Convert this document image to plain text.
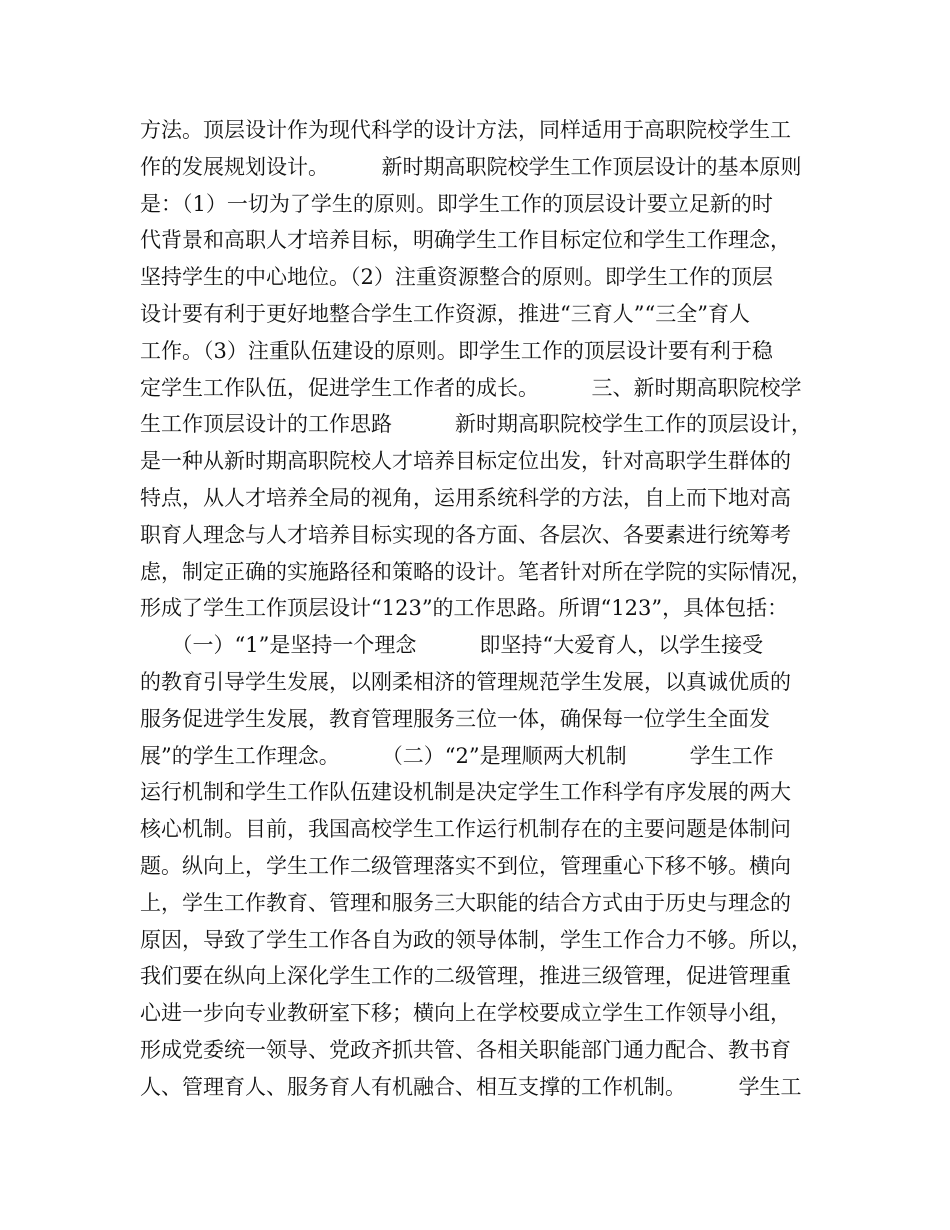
方法。顶层设计作为现代科学的设计方法，同样适用于高职院校学生工
作的发展规划设计。　　　新时期高职院校学生工作顶层设计的基本原则
是：（1）一切为了学生的原则。即学生工作的顶层设计要立足新的时
代背景和高职人才培养目标，明确学生工作目标定位和学生工作理念，
坚持学生的中心地位。（2）注重资源整合的原则。即学生工作的顶层
设计要有利于更好地整合学生工作资源，推进“三育人”“三全”育人
工作。（3）注重队伍建设的原则。即学生工作的顶层设计要有利于稳
定学生工作队伍，促进学生工作者的成长。　　　三、新时期高职院校学
生工作顶层设计的工作思路　　　新时期高职院校学生工作的顶层设计，
是一种从新时期高职院校人才培养目标定位出发，针对高职学生群体的
特点，从人才培养全局的视角，运用系统科学的方法，自上而下地对高
职育人理念与人才培养目标实现的各方面、各层次、各要素进行统筹考
虑，制定正确的实施路径和策略的设计。笔者针对所在学院的实际情况，
形成了学生工作顶层设计“123”的工作思路。所谓“123”，具体包括：
　　（一）“1”是坚持一个理念　　　即坚持“大爱育人，以学生接受
的教育引导学生发展，以刚柔相济的管理规范学生发展，以真诚优质的
服务促进学生发展，教育管理服务三位一体，确保每一位学生全面发
展”的学生工作理念。　　　（二）“2”是理顺两大机制　　　学生工作
运行机制和学生工作队伍建设机制是决定学生工作科学有序发展的两大
核心机制。目前，我国高校学生工作运行机制存在的主要问题是体制问
题。纵向上，学生工作二级管理落实不到位，管理重心下移不够。横向
上，学生工作教育、管理和服务三大职能的结合方式由于历史与理念的
原因，导致了学生工作各自为政的领导体制，学生工作合力不够。所以，
我们要在纵向上深化学生工作的二级管理，推进三级管理，促进管理重
心进一步向专业教研室下移；横向上在学校要成立学生工作领导小组，
形成党委统一领导、党政齐抓共管、各相关职能部门通力配合、教书育
人、管理育人、服务育人有机融合、相互支撑的工作机制。　　　学生工
